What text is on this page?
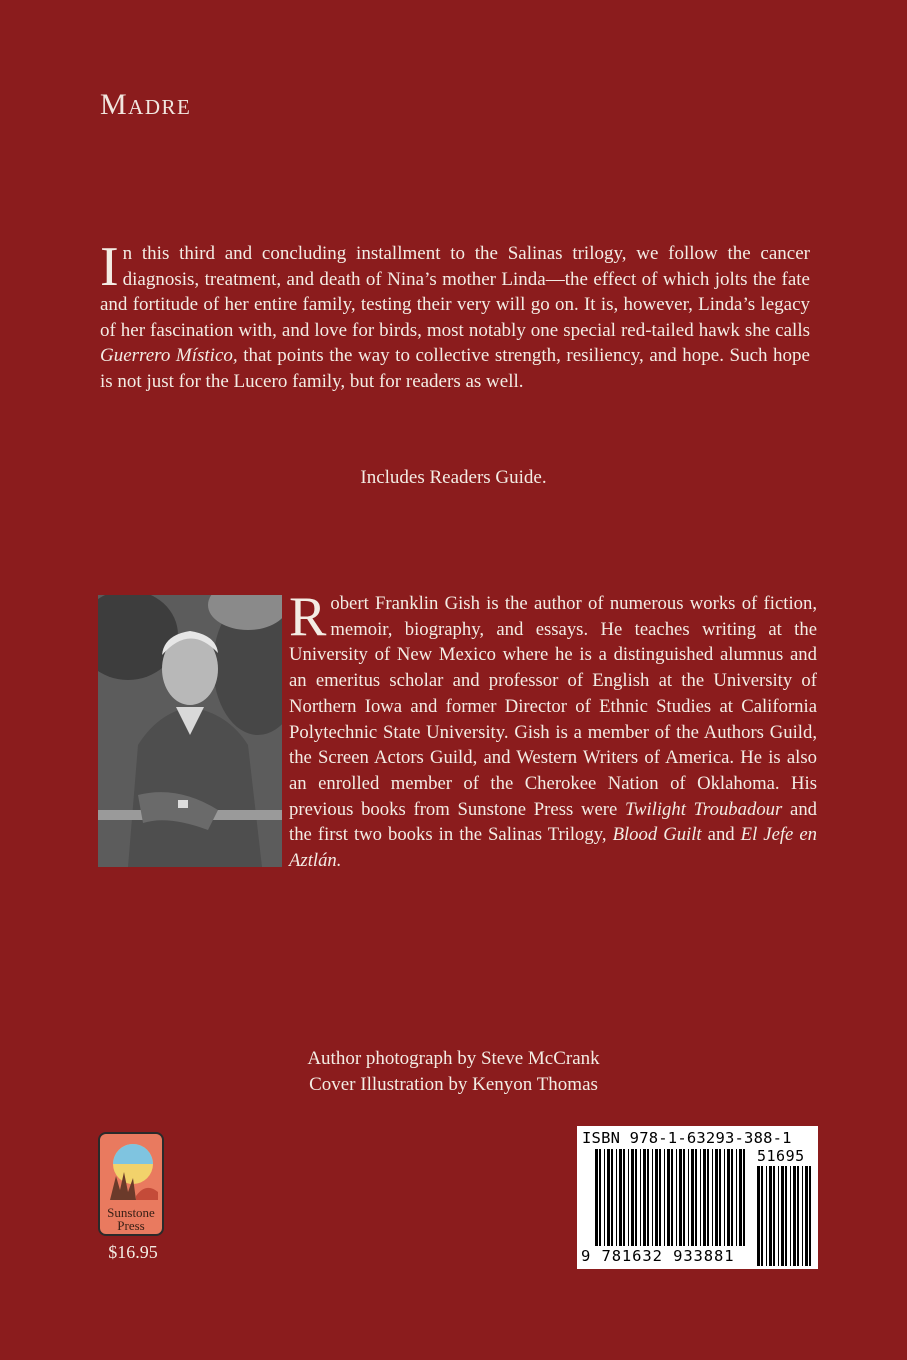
Madre
In this third and concluding installment to the Salinas trilogy, we follow the cancer diagnosis, treatment, and death of Nina’s mother Linda—the effect of which jolts the fate and fortitude of her entire family, testing their very will go on. It is, however, Linda’s legacy of her fascination with, and love for birds, most notably one special red-tailed hawk she calls Guerrero Místico, that points the way to collective strength, resiliency, and hope. Such hope is not just for the Lucero family, but for readers as well.
Includes Readers Guide.
Robert Franklin Gish is the author of numerous works of fiction, memoir, biography, and essays. He teaches writing at the University of New Mexico where he is a distinguished alumnus and an emeritus scholar and professor of English at the University of Northern Iowa and former Director of Ethnic Studies at California Polytechnic State University. Gish is a member of the Authors Guild, the Screen Actors Guild, and Western Writers of America. He is also an enrolled member of the Cherokee Nation of Oklahoma. His previous books from Sunstone Press were Twilight Troubadour and the first two books in the Salinas Trilogy, Blood Guilt and El Jefe en Aztlán.
Author photograph by Steve McCrank
Cover Illustration by Kenyon Thomas
Sunstone
Press
$16.95
ISBN 978-1-63293-388-1
51695
9 781632 933881
